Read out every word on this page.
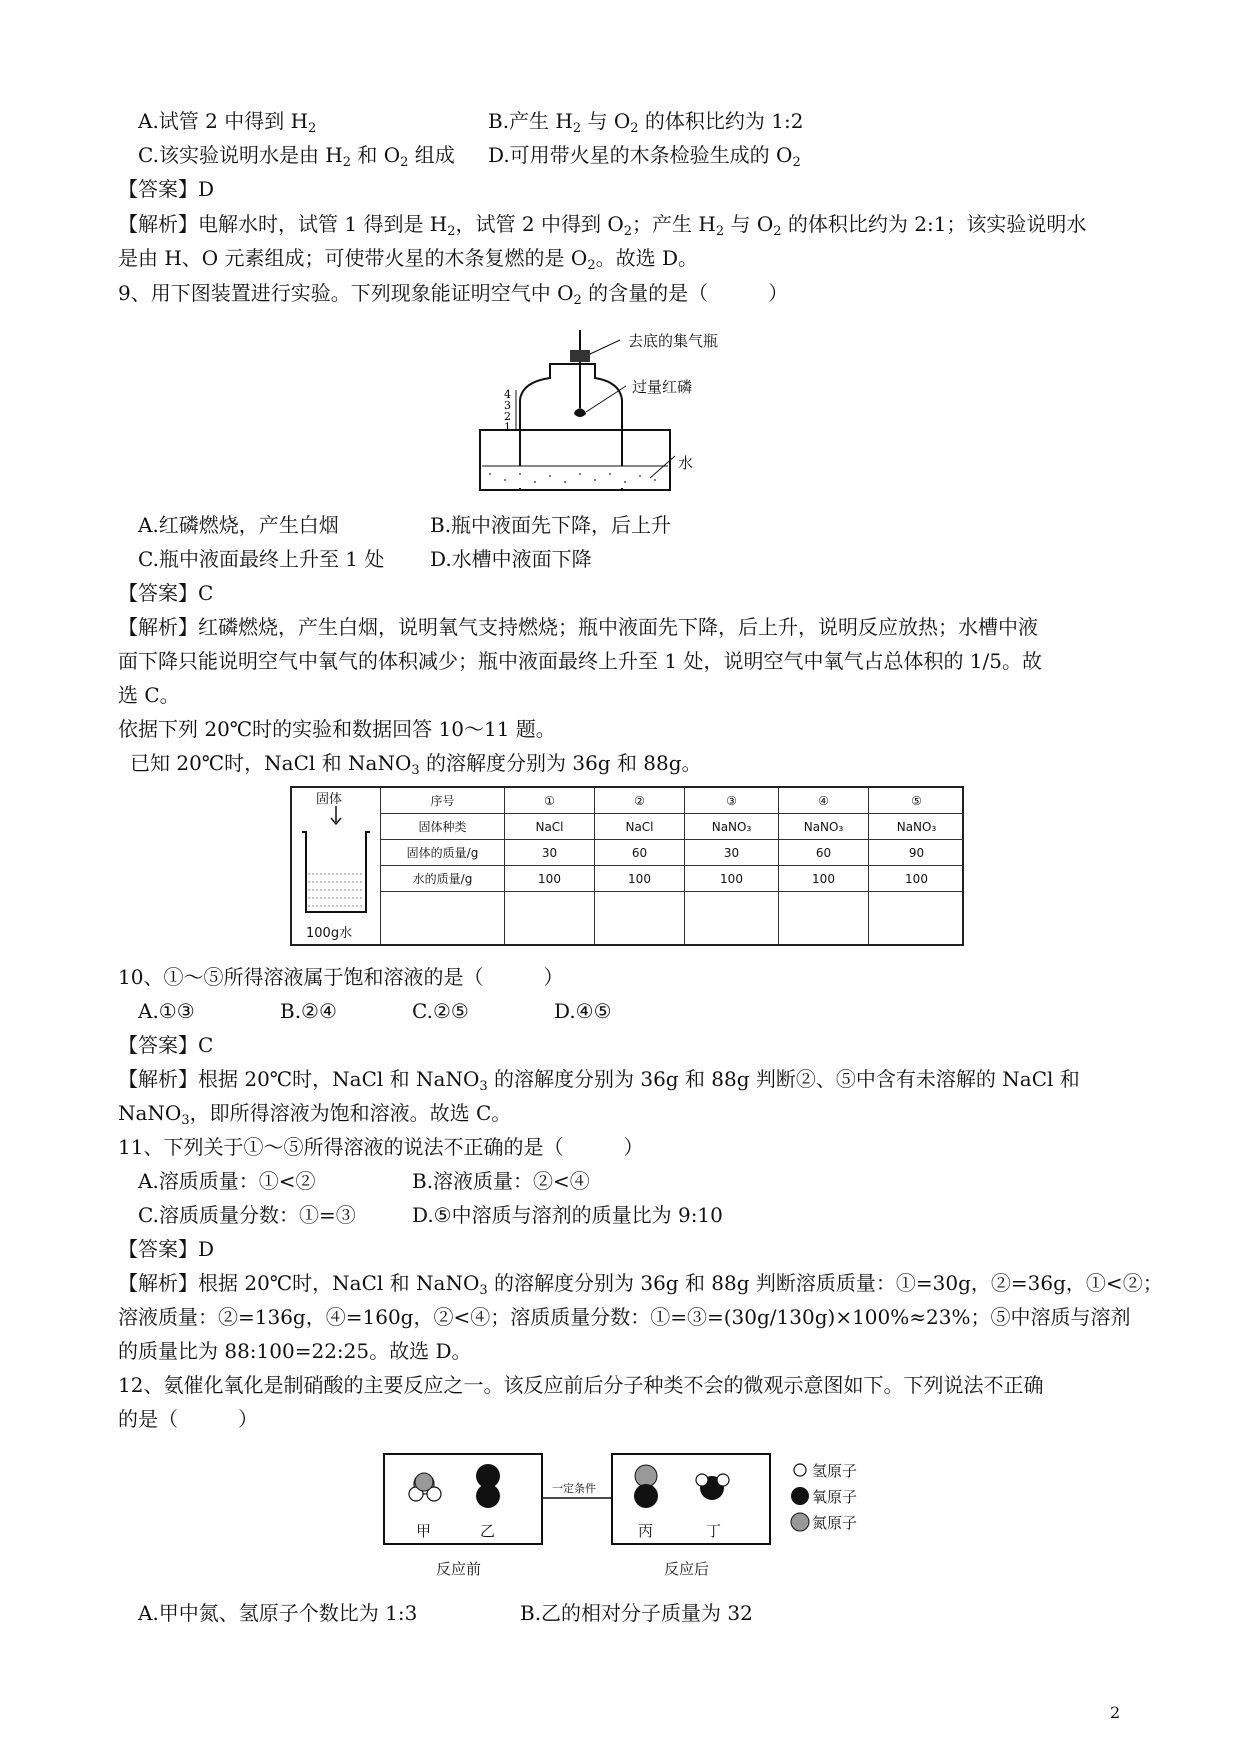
A.试管 2 中得到 $H_2$	B.产生 $H_2$ 与 $O_2$ 的体积比约为 1:2
C.该实验说明水是由 $H_2$ 和 $O_2$ 组成 D.可用带火星的木条检验生成的 $O_2$
【答案】D
【解析】电解水时，试管 1 得到是 $H_2$，试管 2 中得到 $O_2$；产生 $H_2$ 与 $O_2$ 的体积比约为 2:1；该实验说明水
是由 H、O 元素组成；可使带火星的木条复燃的是 $O_2$。故选 D。
9、用下图装置进行实验。下列现象能证明空气中 $O_2$ 的含量的是（　　　）
4
3
2
1
去底的集气瓶
过量红磷
水
A.红磷燃烧，产生白烟	B.瓶中液面先下降，后上升
C.瓶中液面最终上升至 1 处 D.水槽中液面下降
【答案】C
【解析】红磷燃烧，产生白烟，说明氧气支持燃烧；瓶中液面先下降，后上升，说明反应放热；水槽中液
面下降只能说明空气中氧气的体积减少；瓶中液面最终上升至 1 处，说明空气中氧气占总体积的 1/5。故
选 C。
依据下列 20℃时的实验和数据回答 10～11 题。
已知 20℃时，NaCl 和 NaNO$_3$ 的溶解度分别为 36g 和 88g。
固体
100g水
序号	①	②	③	④	⑤
固体种类	NaCl	NaCl	NaNO₃	NaNO₃	NaNO₃
固体的质量/g	30	60	30	60	90
水的质量/g	100	100	100	100	100
10、①～⑤所得溶液属于饱和溶液的是（　　　）
A.①③	B.②④	C.②⑤	D.④⑤
【答案】C
【解析】根据 20℃时，NaCl 和 NaNO$_3$ 的溶解度分别为 36g 和 88g 判断②、⑤中含有未溶解的 NaCl 和
NaNO$_3$，即所得溶液为饱和溶液。故选 C。
11、下列关于①～⑤所得溶液的说法不正确的是（　　　）
A.溶质质量：①<②	B.溶液质量：②<④
C.溶质质量分数：①=③	D.⑤中溶质与溶剂的质量比为 9:10
【答案】D
【解析】根据 20℃时，NaCl 和 NaNO$_3$ 的溶解度分别为 36g 和 88g 判断溶质质量：①=30g，②=36g，①<②；
溶液质量：②=136g，④=160g，②<④；溶质质量分数：①=③=(30g/130g)×100%≈23%；⑤中溶质与溶剂
的质量比为 88:100=22:25。故选 D。
12、氨催化氧化是制硝酸的主要反应之一。该反应前后分子种类不会的微观示意图如下。下列说法不正确
的是（　　　）
甲	乙	丙	丁
一定条件
反应前	反应后
氢原子
氧原子
氮原子
A.甲中氮、氢原子个数比为 1:3	B.乙的相对分子质量为 32
2
